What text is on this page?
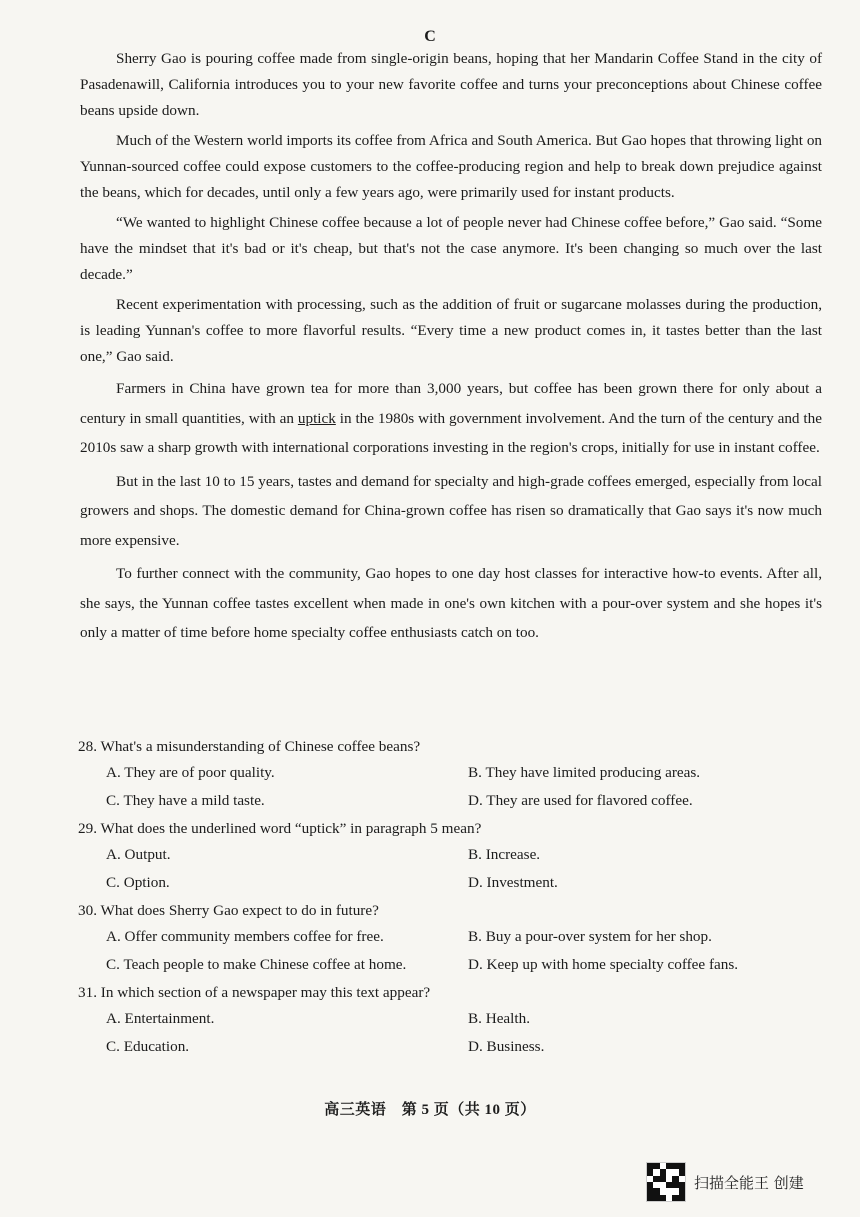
C

Sherry Gao is pouring coffee made from single-origin beans, hoping that her Mandarin Coffee Stand in the city of Pasadenawill, California introduces you to your new favorite coffee and turns your preconceptions about Chinese coffee beans upside down.

Much of the Western world imports its coffee from Africa and South America. But Gao hopes that throwing light on Yunnan-sourced coffee could expose customers to the coffee-producing region and help to break down prejudice against the beans, which for decades, until only a few years ago, were primarily used for instant products.

“We wanted to highlight Chinese coffee because a lot of people never had Chinese coffee before,” Gao said. “Some have the mindset that it's bad or it's cheap, but that's not the case anymore. It's been changing so much over the last decade.”

Recent experimentation with processing, such as the addition of fruit or sugarcane molasses during the production, is leading Yunnan's coffee to more flavorful results. “Every time a new product comes in, it tastes better than the last one,” Gao said.

Farmers in China have grown tea for more than 3,000 years, but coffee has been grown there for only about a century in small quantities, with an uptick in the 1980s with government involvement. And the turn of the century and the 2010s saw a sharp growth with international corporations investing in the region's crops, initially for use in instant coffee.

But in the last 10 to 15 years, tastes and demand for specialty and high-grade coffees emerged, especially from local growers and shops. The domestic demand for China-grown coffee has risen so dramatically that Gao says it's now much more expensive.

To further connect with the community, Gao hopes to one day host classes for interactive how-to events. After all, she says, the Yunnan coffee tastes excellent when made in one's own kitchen with a pour-over system and she hopes it's only a matter of time before home specialty coffee enthusiasts catch on too.

28. What's a misunderstanding of Chinese coffee beans?
A. They are of poor quality.	B. They have limited producing areas.
C. They have a mild taste.	D. They are used for flavored coffee.
29. What does the underlined word “uptick” in paragraph 5 mean?
A. Output.	B. Increase.
C. Option.	D. Investment.
30. What does Sherry Gao expect to do in future?
A. Offer community members coffee for free.	B. Buy a pour-over system for her shop.
C. Teach people to make Chinese coffee at home.	D. Keep up with home specialty coffee fans.
31. In which section of a newspaper may this text appear?
A. Entertainment.	B. Health.
C. Education.	D. Business.
高三英语　第 5 页（共 10 页）
扫描全能王 创建
